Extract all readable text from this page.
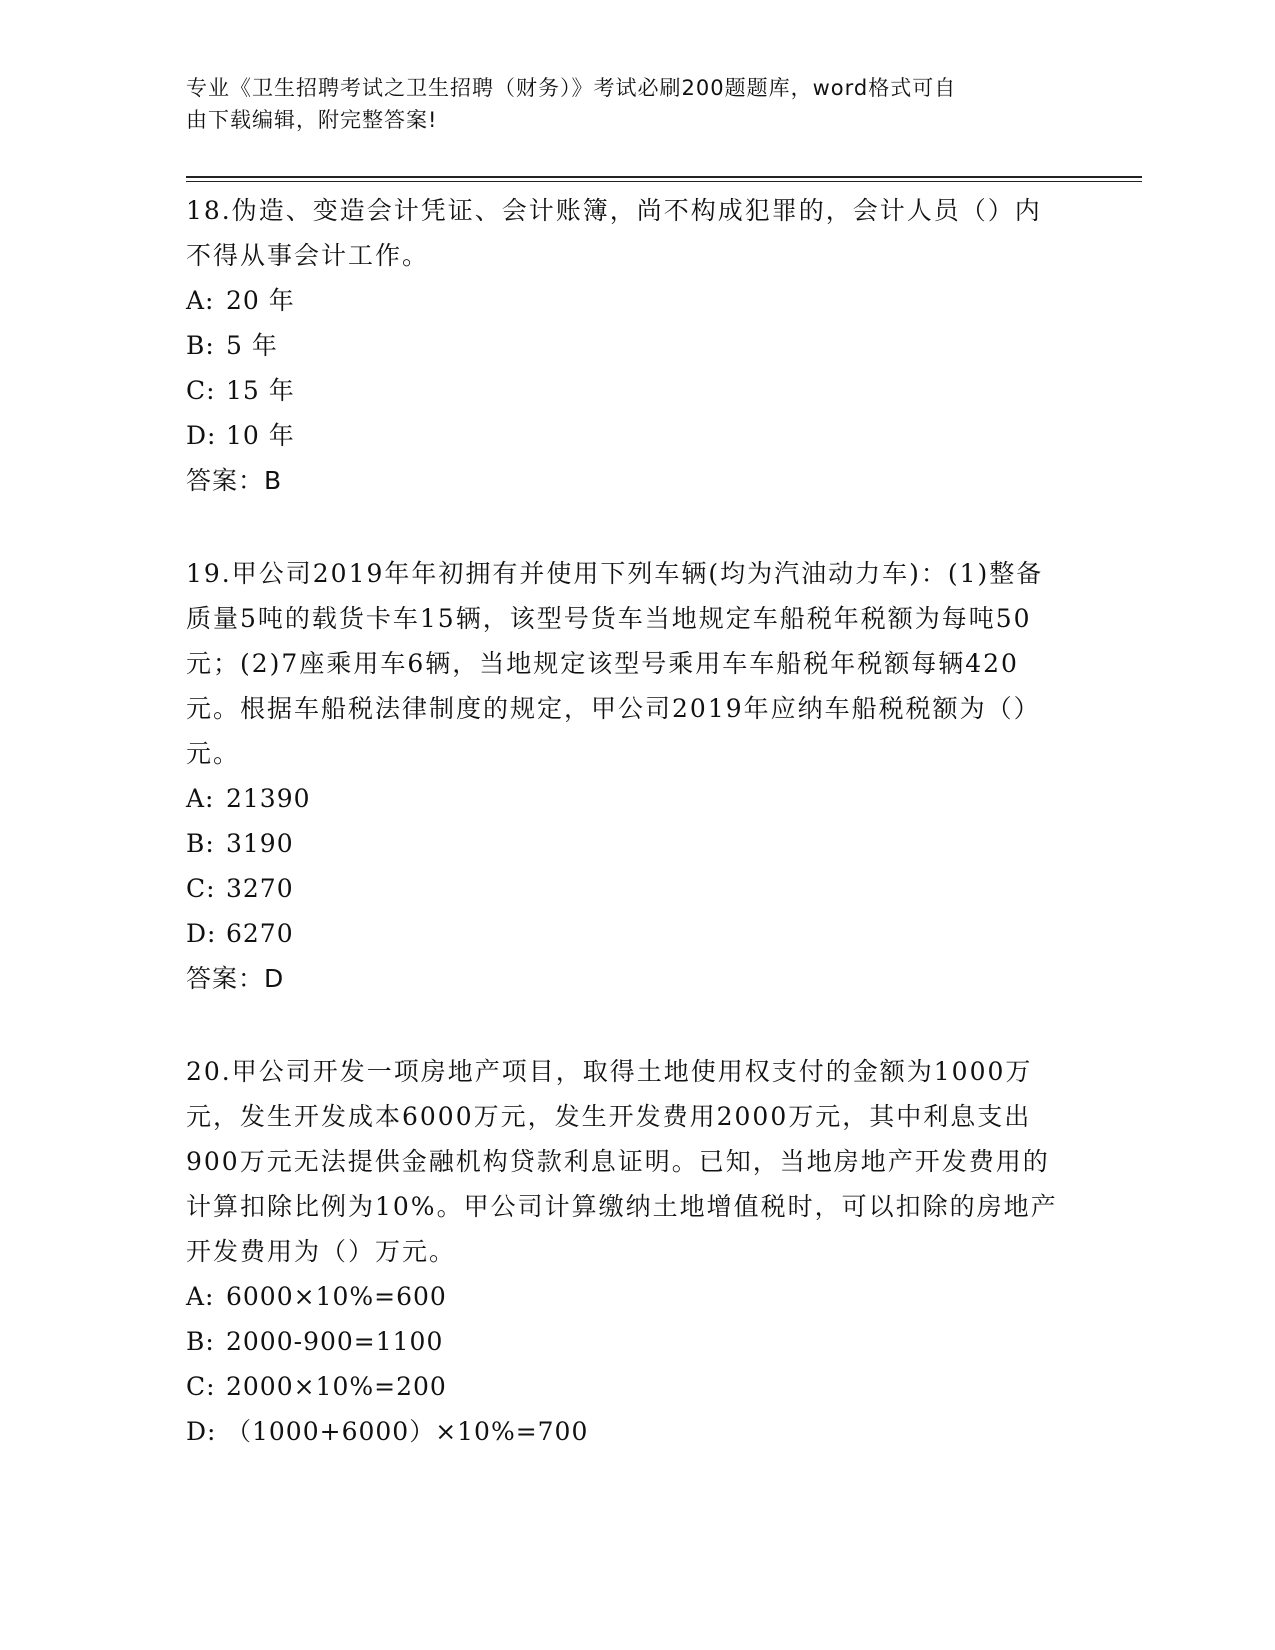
专业《卫生招聘考试之卫生招聘（财务）》考试必刷200题题库，word格式可自
由下载编辑，附完整答案!

18.伪造、变造会计凭证、会计账簿，尚不构成犯罪的，会计人员（）内不得从事会计工作。

A: 20 年

B: 5 年

C: 15 年

D: 10 年

答案：B

19.甲公司2019年年初拥有并使用下列车辆(均为汽油动力车)：(1)整备质量5吨的载货卡车15辆，该型号货车当地规定车船税年税额为每吨50元；(2)7座乘用车6辆，当地规定该型号乘用车车船税年税额每辆420元。根据车船税法律制度的规定，甲公司2019年应纳车船税税额为（）元。

A: 21390

B: 3190

C: 3270

D: 6270

答案：D

20.甲公司开发一项房地产项目，取得土地使用权支付的金额为1000万元，发生开发成本6000万元，发生开发费用2000万元，其中利息支出900万元无法提供金融机构贷款利息证明。已知，当地房地产开发费用的计算扣除比例为10%。甲公司计算缴纳土地增值税时，可以扣除的房地产开发费用为（）万元。

A: 6000×10%=600

B: 2000-900=1100

C: 2000×10%=200

D: （1000+6000）×10%=700
